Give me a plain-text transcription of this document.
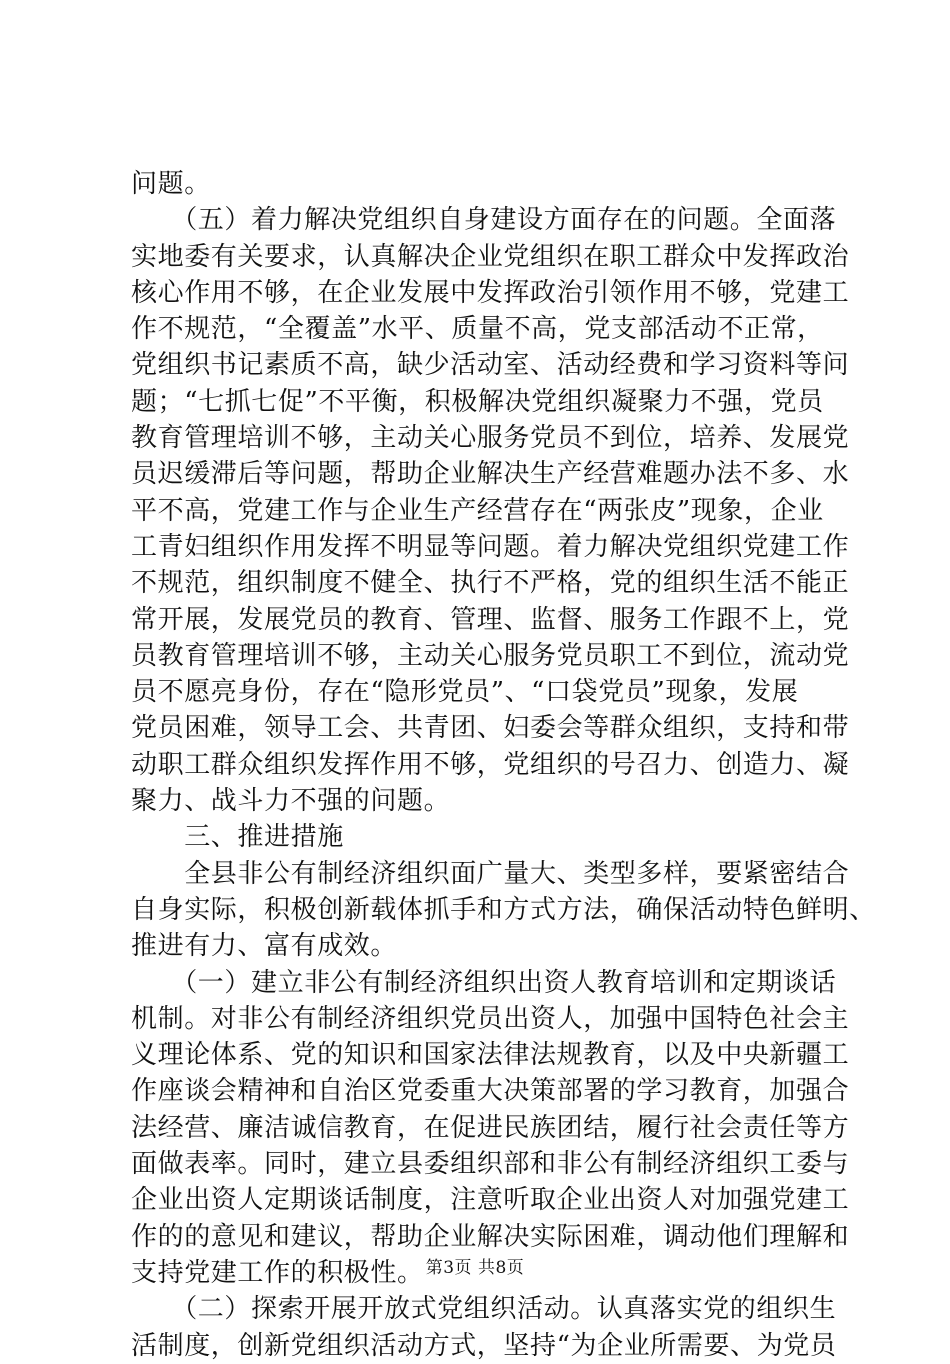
问题。
　　（五）着力解决党组织自身建设方面存在的问题。全面落
实地委有关要求，认真解决企业党组织在职工群众中发挥政治
核心作用不够，在企业发展中发挥政治引领作用不够，党建工
作不规范，“全覆盖”水平、质量不高，党支部活动不正常，
党组织书记素质不高，缺少活动室、活动经费和学习资料等问
题；“七抓七促”不平衡，积极解决党组织凝聚力不强，党员
教育管理培训不够，主动关心服务党员不到位，培养、发展党
员迟缓滞后等问题，帮助企业解决生产经营难题办法不多、水
平不高，党建工作与企业生产经营存在“两张皮”现象，企业
工青妇组织作用发挥不明显等问题。着力解决党组织党建工作
不规范，组织制度不健全、执行不严格，党的组织生活不能正
常开展，发展党员的教育、管理、监督、服务工作跟不上，党
员教育管理培训不够，主动关心服务党员职工不到位，流动党
员不愿亮身份，存在“隐形党员”、“口袋党员”现象，发展
党员困难，领导工会、共青团、妇委会等群众组织，支持和带
动职工群众组织发挥作用不够，党组织的号召力、创造力、凝
聚力、战斗力不强的问题。
　　三、推进措施
　　全县非公有制经济组织面广量大、类型多样，要紧密结合
自身实际，积极创新载体抓手和方式方法，确保活动特色鲜明、
推进有力、富有成效。
　　（一）建立非公有制经济组织出资人教育培训和定期谈话
机制。对非公有制经济组织党员出资人，加强中国特色社会主
义理论体系、党的知识和国家法律法规教育，以及中央新疆工
作座谈会精神和自治区党委重大决策部署的学习教育，加强合
法经营、廉洁诚信教育，在促进民族团结，履行社会责任等方
面做表率。同时，建立县委组织部和非公有制经济组织工委与
企业出资人定期谈话制度，注意听取企业出资人对加强党建工
作的的意见和建议，帮助企业解决实际困难，调动他们理解和
支持党建工作的积极性。
　　（二）探索开展开放式党组织活动。认真落实党的组织生
活制度，创新党组织活动方式，坚持“为企业所需要、为党员
第3页 共8页
